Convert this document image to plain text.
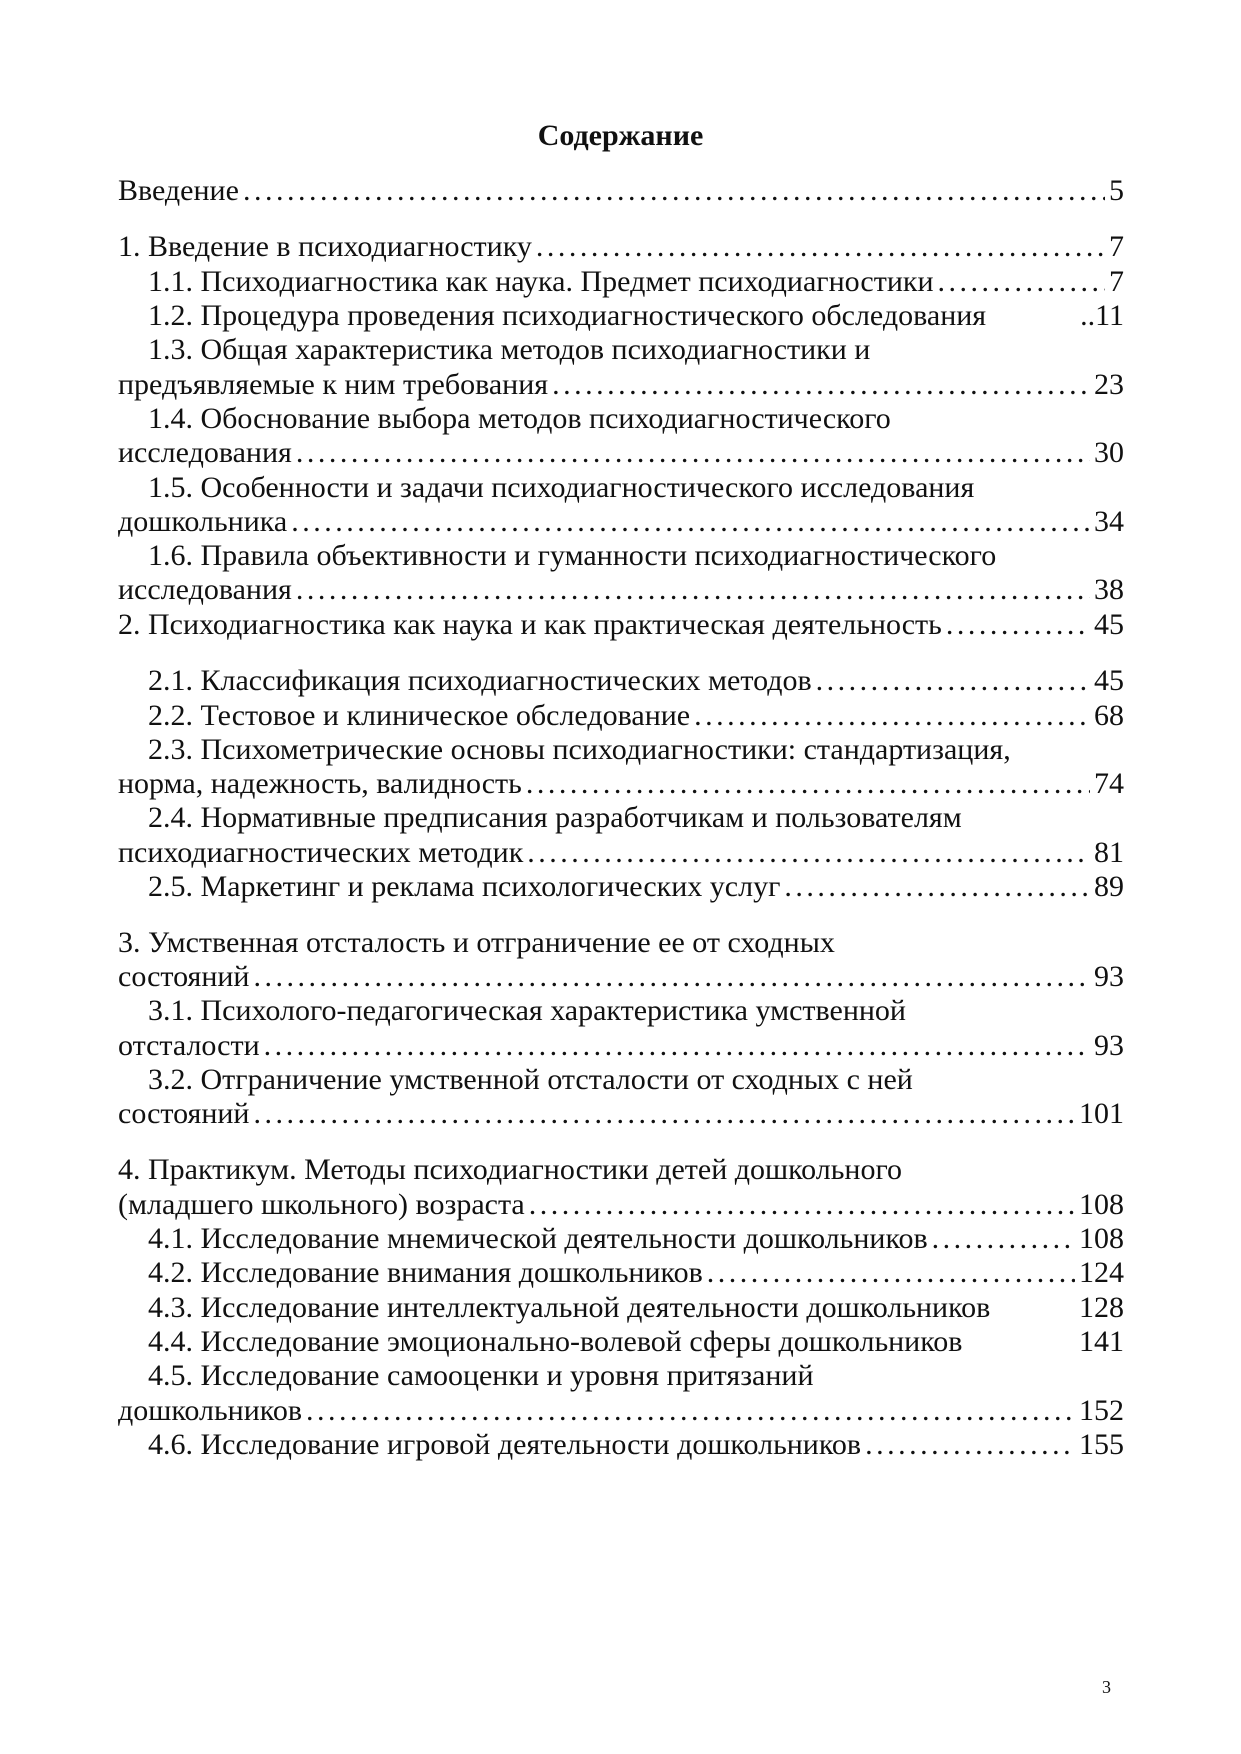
Содержание
Введение . . .	5
1. Введение в психодиагностику . . .	7
1.1. Психодиагностика как наука. Предмет психодиагностики . . .	7
1.2. Процедура проведения психодиагностического обследования	..11
1.3. Общая характеристика методов психодиагностики и
предъявляемые к ним требования . . .	23
1.4. Обоснование выбора методов психодиагностического
исследования . . .	30
1.5. Особенности и задачи психодиагностического исследования
дошкольника . . .	34
1.6. Правила объективности и гуманности психодиагностического
исследования . . .	38
2. Психодиагностика как наука и как практическая деятельность . . .	45
2.1. Классификация психодиагностических методов . . .	45
2.2. Тестовое и клиническое обследование . . .	68
2.3. Психометрические основы психодиагностики: стандартизация,
норма, надежность, валидность . . .	74
2.4. Нормативные предписания разработчикам и пользователям
психодиагностических методик . . .	81
2.5. Маркетинг и реклама психологических услуг . . .	89
3. Умственная отсталость и отграничение ее от сходных
состояний . . .	93
3.1. Психолого-педагогическая характеристика умственной
отсталости . . .	93
3.2. Отграничение умственной отсталости от сходных с ней
состояний . . .	101
4. Практикум. Методы психодиагностики детей дошкольного
(младшего школьного) возраста . . .	108
4.1. Исследование мнемической деятельности дошкольников . . .	108
4.2. Исследование внимания дошкольников . . .	124
4.3. Исследование интеллектуальной деятельности дошкольников	128
4.4. Исследование эмоционально-волевой сферы дошкольников	141
4.5. Исследование самооценки и уровня притязаний
дошкольников . . .	152
4.6. Исследование игровой деятельности дошкольников . . .	155
3
